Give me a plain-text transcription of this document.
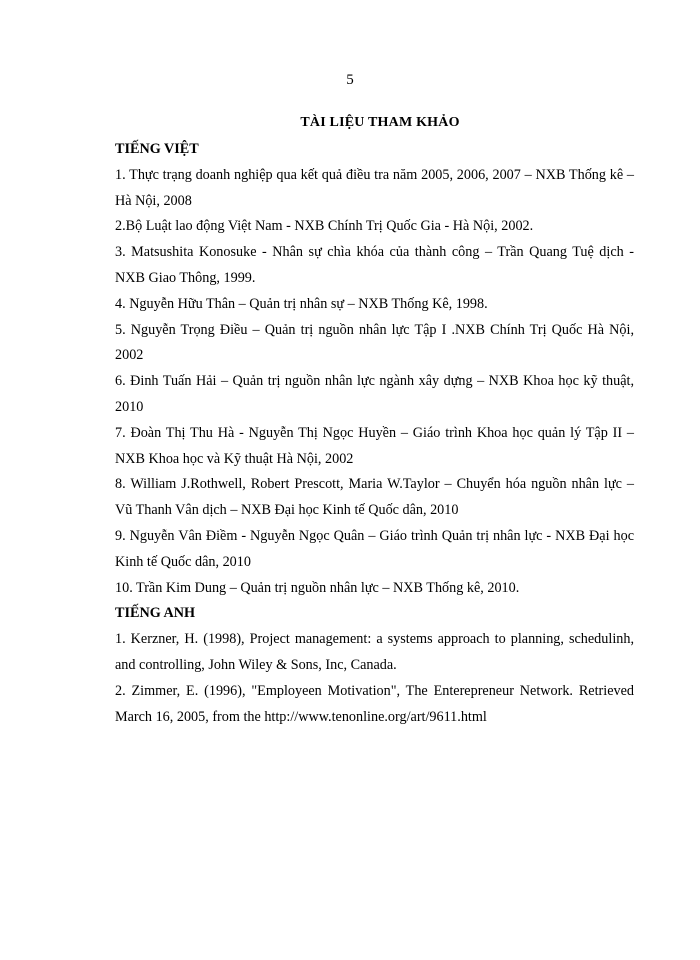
5
TÀI LIỆU THAM KHẢO
TIẾNG VIỆT

1. Thực trạng doanh nghiệp qua kết quả điều tra năm 2005, 2006, 2007 – NXB Thống kê – Hà Nội, 2008

2.Bộ Luật lao động Việt Nam - NXB Chính Trị Quốc Gia - Hà Nội, 2002.

3. Matsushita Konosuke - Nhân sự chìa khóa của thành công – Trần Quang Tuệ dịch - NXB Giao Thông, 1999.

4. Nguyễn Hữu Thân – Quản trị nhân sự – NXB Thống Kê, 1998.

5. Nguyễn Trọng Điều – Quản trị nguồn nhân lực Tập I .NXB Chính Trị Quốc Hà Nội, 2002

6. Đinh Tuấn Hải – Quản trị nguồn nhân lực ngành xây dựng – NXB Khoa học kỹ thuật, 2010

7. Đoàn Thị Thu Hà - Nguyễn Thị Ngọc Huyền – Giáo trình Khoa học quản lý Tập II – NXB Khoa học và Kỹ thuật Hà Nội, 2002

8. William J.Rothwell, Robert Prescott, Maria W.Taylor – Chuyển hóa nguồn nhân lực – Vũ Thanh Vân dịch – NXB Đại học Kinh tế Quốc dân, 2010

9. Nguyễn Vân Điềm - Nguyễn Ngọc Quân – Giáo trình Quản trị nhân lực - NXB Đại học Kinh tế Quốc dân, 2010

10. Trần Kim Dung – Quản trị nguồn nhân lực – NXB Thống kê, 2010.

TIẾNG ANH

1. Kerzner, H. (1998), Project management: a systems approach to planning, schedulinh, and controlling, John Wiley & Sons, Inc, Canada.

2. Zimmer, E. (1996), "Employeen Motivation", The Enterepreneur Network. Retrieved March 16, 2005, from the http://www.tenonline.org/art/9611.html
